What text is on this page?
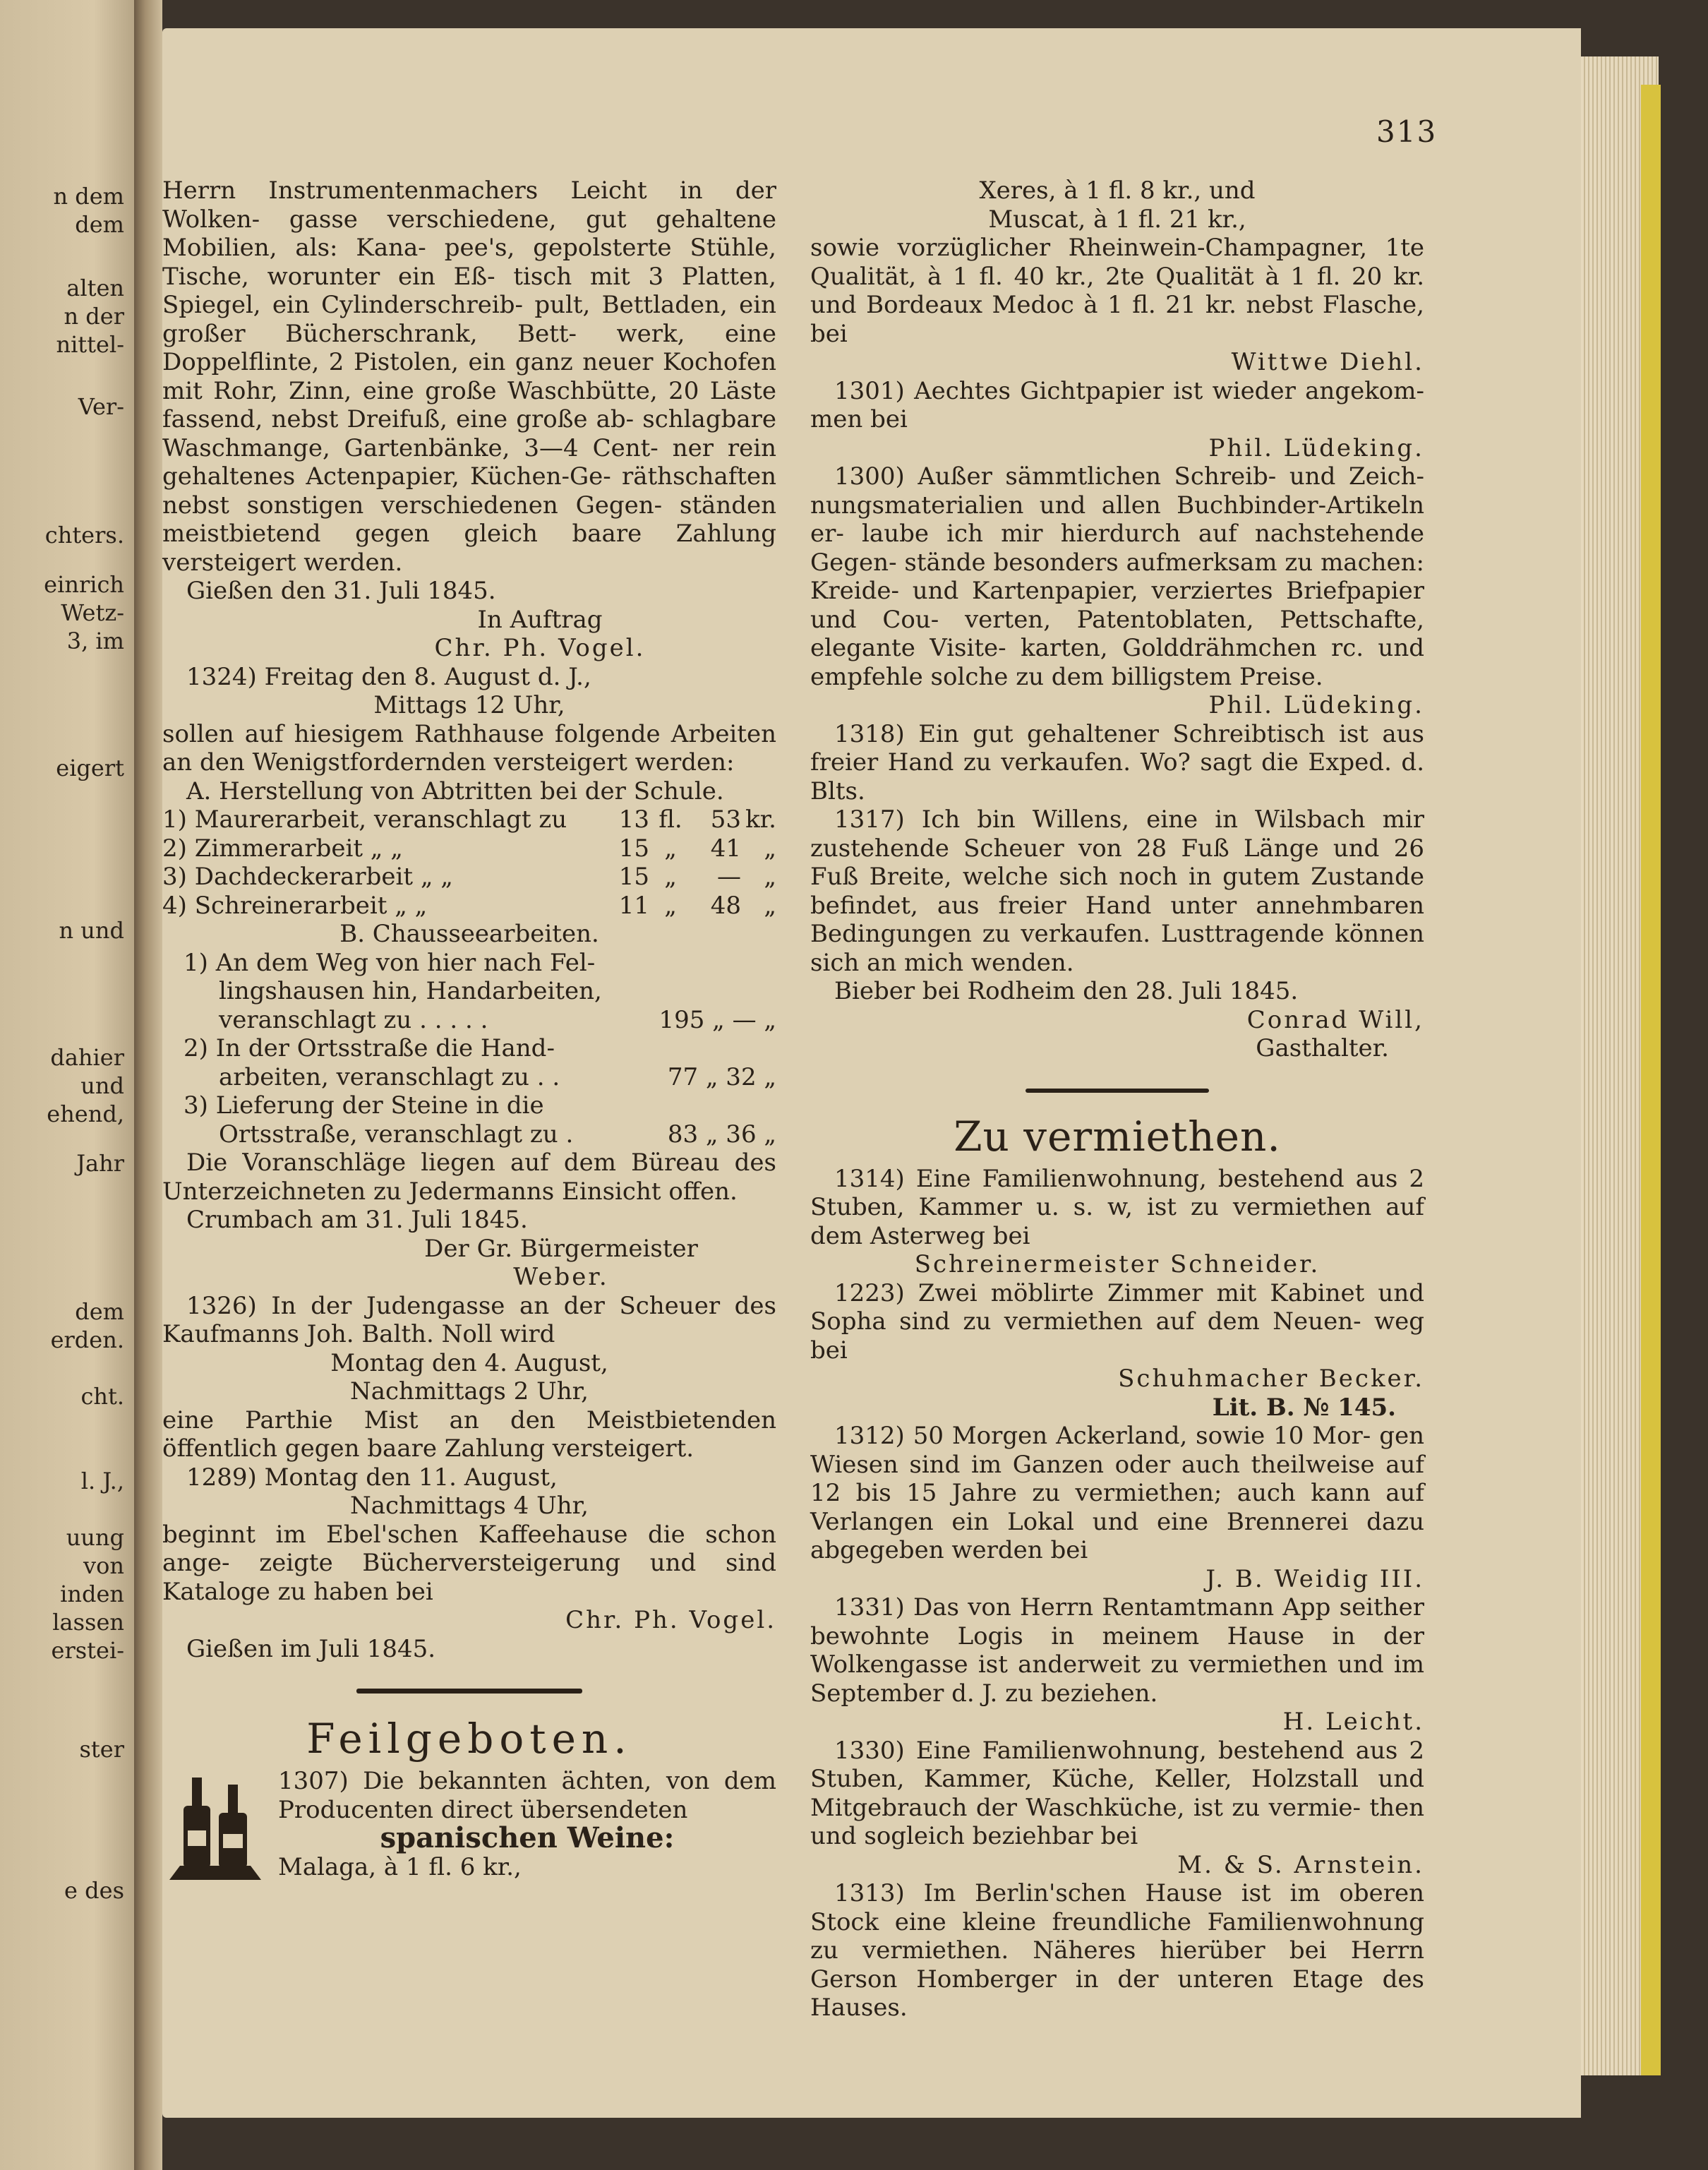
n dem
dem
alten
n der
nittel-
Ver-
chters.
einrich
Wetz-
3, im
eigert
n und
dahier
und
ehend,
Jahr
dem
erden.
cht.
l. J.,
uung
von
inden
lassen
erstei-
ster
e des
313

Herrn Instrumentenmachers Leicht in der Wolken- gasse verschiedene, gut gehaltene Mobilien, als: Kana- pee's, gepolsterte Stühle, Tische, worunter ein Eß- tisch mit 3 Platten, Spiegel, ein Cylinderschreib- pult, Bettladen, ein großer Bücherschrank, Bett- werk, eine Doppelflinte, 2 Pistolen, ein ganz neuer Kochofen mit Rohr, Zinn, eine große Waschbütte, 20 Läste fassend, nebst Dreifuß, eine große ab- schlagbare Waschmange, Gartenbänke, 3—4 Cent- ner rein gehaltenes Actenpapier, Küchen-Ge- räthschaften nebst sonstigen verschiedenen Gegen- ständen meistbietend gegen gleich baare Zahlung versteigert werden.

Gießen den 31. Juli 1845.

In Auftrag

Chr. Ph. Vogel.

1324) Freitag den 8. August d. J.,

Mittags 12 Uhr,

sollen auf hiesigem Rathhause folgende Arbeiten an den Wenigstfordernden versteigert werden:

A. Herstellung von Abtritten bei der Schule.

1) Maurerarbeit, veranschlagt zu	13 fl.	53 kr.
2) Zimmerarbeit „ „	15 „	41 „
3) Dachdeckerarbeit „ „	15 „	— „
4) Schreinerarbeit „ „	11 „	48 „

B. Chausseearbeiten.

1) An dem Weg von hier nach Fel-

lingshausen hin, Handarbeiten,

veranschlagt zu . . . . .	195 „ — „

2) In der Ortsstraße die Hand-

arbeiten, veranschlagt zu . .	77 „ 32 „

3) Lieferung der Steine in die

Ortsstraße, veranschlagt zu .	83 „ 36 „

Die Voranschläge liegen auf dem Büreau des Unterzeichneten zu Jedermanns Einsicht offen.

Crumbach am 31. Juli 1845.

Der Gr. Bürgermeister

Weber.

1326) In der Judengasse an der Scheuer des Kaufmanns Joh. Balth. Noll wird

Montag den 4. August,

Nachmittags 2 Uhr,

eine Parthie Mist an den Meistbietenden öffentlich gegen baare Zahlung versteigert.

1289) Montag den 11. August,

Nachmittags 4 Uhr,

beginnt im Ebel'schen Kaffeehause die schon ange- zeigte Bücherversteigerung und sind Kataloge zu haben bei

Chr. Ph. Vogel.

Gießen im Juli 1845.

Feilgeboten.

1307) Die bekannten ächten, von dem Producenten direct übersendeten

spanischen Weine:

Malaga, à 1 fl. 6 kr.,

Xeres, à 1 fl. 8 kr., und

Muscat, à 1 fl. 21 kr.,

sowie vorzüglicher Rheinwein-Champagner, 1te Qualität, à 1 fl. 40 kr., 2te Qualität à 1 fl. 20 kr. und Bordeaux Medoc à 1 fl. 21 kr. nebst Flasche, bei

Wittwe Diehl.

1301) Aechtes Gichtpapier ist wieder angekom- men bei

Phil. Lüdeking.

1300) Außer sämmtlichen Schreib- und Zeich- nungsmaterialien und allen Buchbinder-Artikeln er- laube ich mir hierdurch auf nachstehende Gegen- stände besonders aufmerksam zu machen: Kreide- und Kartenpapier, verziertes Briefpapier und Cou- verten, Patentoblaten, Pettschafte, elegante Visite- karten, Golddrähmchen rc. und empfehle solche zu dem billigstem Preise.

Phil. Lüdeking.

1318) Ein gut gehaltener Schreibtisch ist aus freier Hand zu verkaufen. Wo? sagt die Exped. d. Blts.

1317) Ich bin Willens, eine in Wilsbach mir zustehende Scheuer von 28 Fuß Länge und 26 Fuß Breite, welche sich noch in gutem Zustande befindet, aus freier Hand unter annehmbaren Bedingungen zu verkaufen. Lusttragende können sich an mich wenden.

Bieber bei Rodheim den 28. Juli 1845.

Conrad Will,

Gasthalter.

Zu vermiethen.

1314) Eine Familienwohnung, bestehend aus 2 Stuben, Kammer u. s. w, ist zu vermiethen auf dem Asterweg bei

Schreinermeister Schneider.

1223) Zwei möblirte Zimmer mit Kabinet und Sopha sind zu vermiethen auf dem Neuen- weg bei

Schuhmacher Becker.

Lit. B. № 145.

1312) 50 Morgen Ackerland, sowie 10 Mor- gen Wiesen sind im Ganzen oder auch theilweise auf 12 bis 15 Jahre zu vermiethen; auch kann auf Verlangen ein Lokal und eine Brennerei dazu abgegeben werden bei

J. B. Weidig III.

1331) Das von Herrn Rentamtmann App seither bewohnte Logis in meinem Hause in der Wolkengasse ist anderweit zu vermiethen und im September d. J. zu beziehen.

H. Leicht.

1330) Eine Familienwohnung, bestehend aus 2 Stuben, Kammer, Küche, Keller, Holzstall und Mitgebrauch der Waschküche, ist zu vermie- then und sogleich beziehbar bei

M. & S. Arnstein.

1313) Im Berlin'schen Hause ist im oberen Stock eine kleine freundliche Familienwohnung zu vermiethen. Näheres hierüber bei Herrn Gerson Homberger in der unteren Etage des Hauses.
